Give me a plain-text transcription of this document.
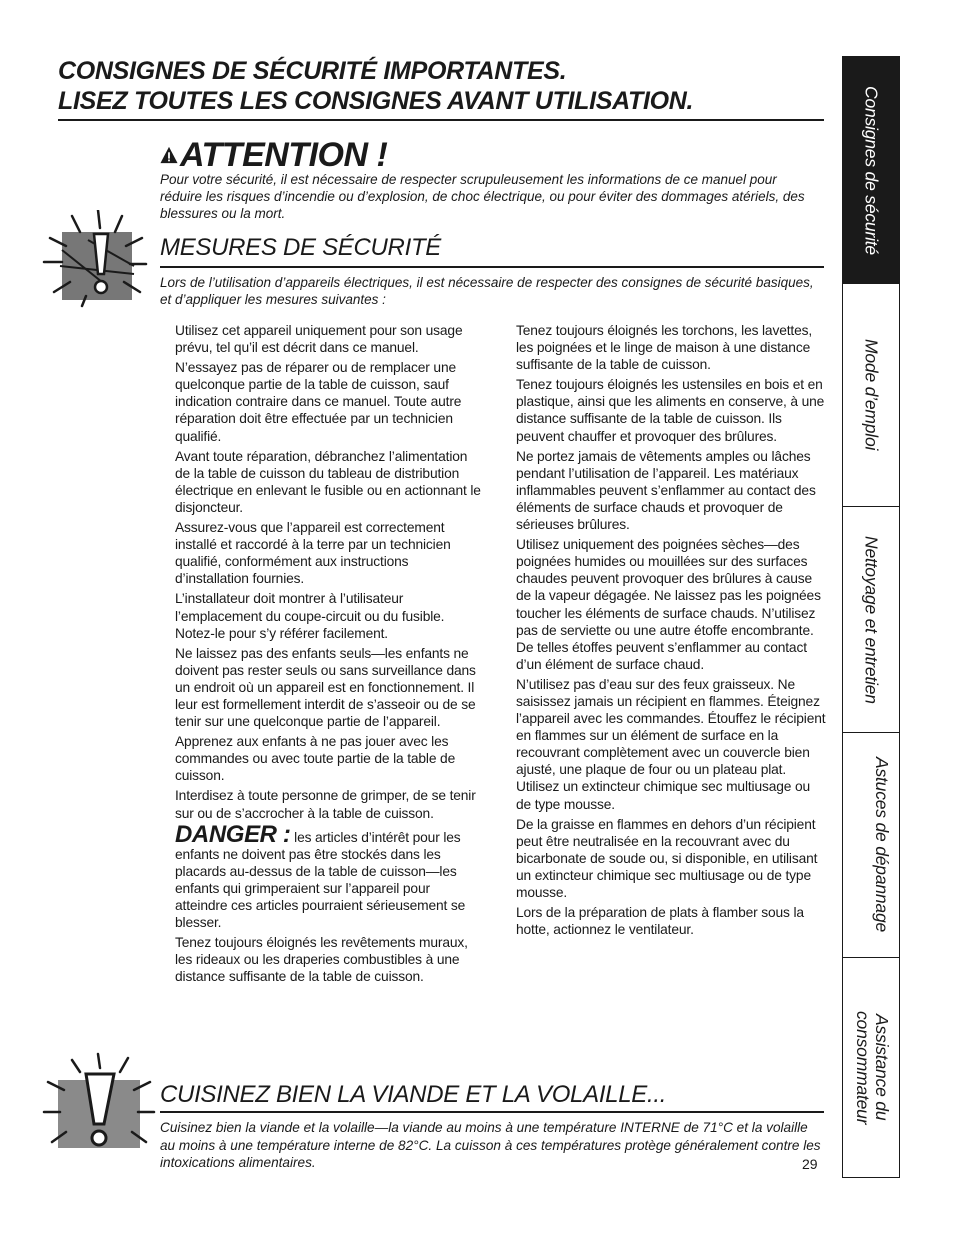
CONSIGNES DE SÉCURITÉ IMPORTANTES.
LISEZ TOUTES LES CONSIGNES AVANT UTILISATION.
ATTENTION !
Pour votre sécurité, il est nécessaire de respecter scrupuleusement les informations de ce manuel pour réduire les risques d’incendie ou d’explosion, de choc électrique, ou pour éviter des dommages atériels, des blessures ou la mort.
MESURES DE SÉCURITÉ
Lors de l’utilisation d’appareils électriques, il est nécessaire de respecter des consignes de sécurité basiques, et d’appliquer les mesures suivantes :

Utilisez cet appareil uniquement pour son usage prévu, tel qu’il est décrit dans ce manuel.

N’essayez pas de réparer ou de remplacer une quelconque partie de la table de cuisson, sauf indication contraire dans ce manuel. Toute autre réparation doit être effectuée par un technicien qualifié.

Avant toute réparation, débranchez l’alimentation de la table de cuisson du tableau de distribution électrique en enlevant le fusible ou en actionnant le disjoncteur.

Assurez-vous que l’appareil est correctement installé et raccordé à la terre par un technicien qualifié, conformément aux instructions d’installation fournies.

L’installateur doit montrer à l’utilisateur l’emplacement du coupe-circuit ou du fusible. Notez-le pour s’y référer facilement.

Ne laissez pas des enfants seuls—les enfants ne doivent pas rester seuls ou sans surveillance dans un endroit où un appareil est en fonctionnement. Il leur est formellement interdit de s’asseoir ou de se tenir sur une quelconque partie de l’appareil.

Apprenez aux enfants à ne pas jouer avec les commandes ou avec toute partie de la table de cuisson.

Interdisez à toute personne de grimper, de se tenir sur ou de s’accrocher à la table de cuisson.

DANGER : les articles d’intérêt pour les enfants ne doivent pas être stockés dans les placards au-dessus de la table de cuisson—les enfants qui grimperaient sur l’appareil pour atteindre ces articles pourraient sérieusement se blesser.

Tenez toujours éloignés les revêtements muraux, les rideaux ou les draperies combustibles à une distance suffisante de la table de cuisson.

Tenez toujours éloignés les torchons, les lavettes, les poignées et le linge de maison à une distance suffisante de la table de cuisson.

Tenez toujours éloignés les ustensiles en bois et en plastique, ainsi que les aliments en conserve, à une distance suffisante de la table de cuisson. Ils peuvent chauffer et provoquer des brûlures.

Ne portez jamais de vêtements amples ou lâches pendant l’utilisation de l’appareil. Les matériaux inflammables peuvent s’enflammer au contact des éléments de surface chauds et provoquer de sérieuses brûlures.

Utilisez uniquement des poignées sèches—des poignées humides ou mouillées sur des surfaces chaudes peuvent provoquer des brûlures à cause de la vapeur dégagée. Ne laissez pas les poignées toucher les éléments de surface chauds. N’utilisez pas de serviette ou une autre étoffe encombrante. De telles étoffes peuvent s’enflammer au contact d’un élément de surface chaud.

N’utilisez pas d’eau sur des feux graisseux. Ne saisissez jamais un récipient en flammes. Éteignez l’appareil avec les commandes. Étouffez le récipient en flammes sur un élément de surface en la recouvrant complètement avec un couvercle bien ajusté, une plaque de four ou un plateau plat. Utilisez un extincteur chimique sec multiusage ou de type mousse.

De la graisse en flammes en dehors d’un récipient peut être neutralisée en la recouvrant avec du bicarbonate de soude ou, si disponible, en utilisant un extincteur chimique sec multiusage ou de type mousse.

Lors de la préparation de plats à flamber sous la hotte, actionnez le ventilateur.

CUISINEZ BIEN LA VIANDE ET LA VOLAILLE...
Cuisinez bien la viande et la volaille—la viande au moins à une température INTERNE de 71°C et la volaille au moins à une température interne de 82°C. La cuisson à ces températures protège généralement contre les intoxications alimentaires.	29
Consignes de sécurité
Mode d’emploi
Nettoyage et entretien
Astuces de dépannage
Assistance du consommateur
